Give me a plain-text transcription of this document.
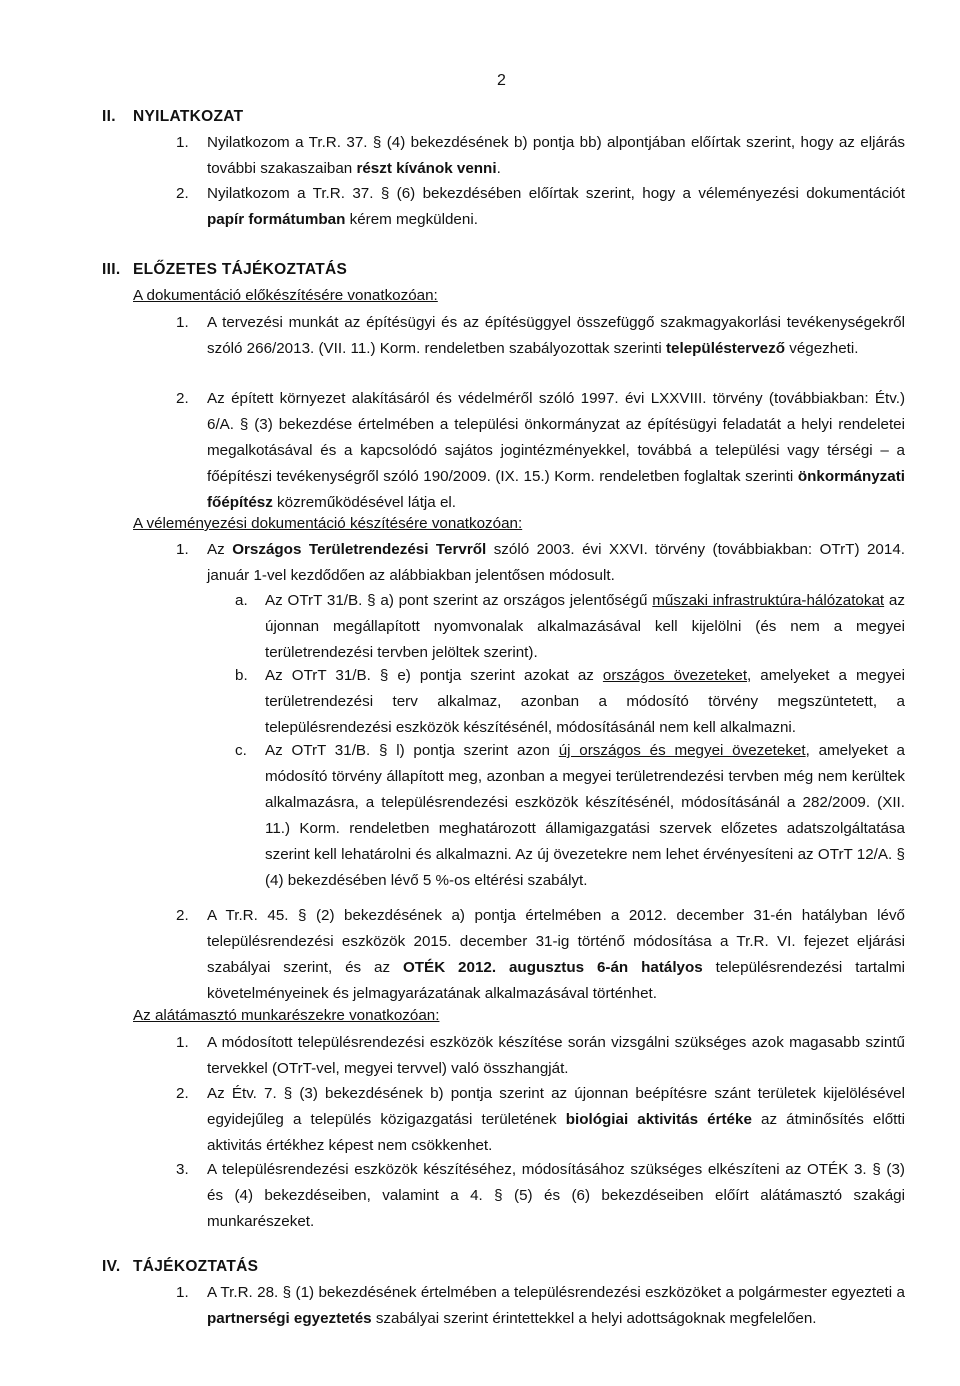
2
II. NYILATKOZAT
1. Nyilatkozom a Tr.R. 37. § (4) bekezdésének b) pontja bb) alpontjában előírtak szerint, hogy az eljárás további szakaszaiban részt kívánok venni.
2. Nyilatkozom a Tr.R. 37. § (6) bekezdésében előírtak szerint, hogy a véleményezési dokumentációt papír formátumban kérem megküldeni.
III. ELŐZETES TÁJÉKOZTATÁS
A dokumentáció előkészítésére vonatkozóan:
1. A tervezési munkát az építésügyi és az építésüggyel összefüggő szakmagyakorlási tevékenységekről szóló 266/2013. (VII. 11.) Korm. rendeletben szabályozottak szerinti településtervező végezheti.
2. Az épített környezet alakításáról és védelméről szóló 1997. évi LXXVIII. törvény (továbbiakban: Étv.) 6/A. § (3) bekezdése értelmében a települési önkormányzat az építésügyi feladatát a helyi rendeletei megalkotásával és a kapcsolódó sajátos jogintézményekkel, továbbá a települési vagy térségi – a főépítészi tevékenységről szóló 190/2009. (IX. 15.) Korm. rendeletben foglaltak szerinti önkormányzati főépítész közreműködésével látja el.
A véleményezési dokumentáció készítésére vonatkozóan:
1. Az Országos Területrendezési Tervről szóló 2003. évi XXVI. törvény (továbbiakban: OTrT) 2014. január 1-vel kezdődően az alábbiakban jelentősen módosult.
a. Az OTrT 31/B. § a) pont szerint az országos jelentőségű műszaki infrastruktúra-hálózatokat az újonnan megállapított nyomvonalak alkalmazásával kell kijelölni (és nem a megyei területrendezési tervben jelöltek szerint).
b. Az OTrT 31/B. § e) pontja szerint azokat az országos övezeteket, amelyeket a megyei területrendezési terv alkalmaz, azonban a módosító törvény megszüntetett, a településrendezési eszközök készítésénél, módosításánál nem kell alkalmazni.
c. Az OTrT 31/B. § l) pontja szerint azon új országos és megyei övezeteket, amelyeket a módosító törvény állapított meg, azonban a megyei területrendezési tervben még nem kerültek alkalmazásra, a településrendezési eszközök készítésénél, módosításánál a 282/2009. (XII. 11.) Korm. rendeletben meghatározott államigazgatási szervek előzetes adatszolgáltatása szerint kell lehatárolni és alkalmazni. Az új övezetekre nem lehet érvényesíteni az OTrT 12/A. § (4) bekezdésében lévő 5 %-os eltérési szabályt.
2. A Tr.R. 45. § (2) bekezdésének a) pontja értelmében a 2012. december 31-én hatályban lévő településrendezési eszközök 2015. december 31-ig történő módosítása a Tr.R. VI. fejezet eljárási szabályai szerint, és az OTÉK 2012. augusztus 6-án hatályos településrendezési tartalmi követelményeinek és jelmagyarázatának alkalmazásával történhet.
Az alátámasztó munkarészekre vonatkozóan:
1. A módosított településrendezési eszközök készítése során vizsgálni szükséges azok magasabb szintű tervekkel (OTrT-vel, megyei tervvel) való összhangját.
2. Az Étv. 7. § (3) bekezdésének b) pontja szerint az újonnan beépítésre szánt területek kijelölésével egyidejűleg a település közigazgatási területének biológiai aktivitás értéke az átminősítés előtti aktivitás értékhez képest nem csökkenhet.
3. A településrendezési eszközök készítéséhez, módosításához szükséges elkészíteni az OTÉK 3. § (3) és (4) bekezdéseiben, valamint a 4. § (5) és (6) bekezdéseiben előírt alátámasztó szakági munkarészeket.
IV. TÁJÉKOZTATÁS
1. A Tr.R. 28. § (1) bekezdésének értelmében a településrendezési eszközöket a polgármester egyezteti a partnerségi egyeztetés szabályai szerint érintettekkel a helyi adottságoknak megfelelően.
